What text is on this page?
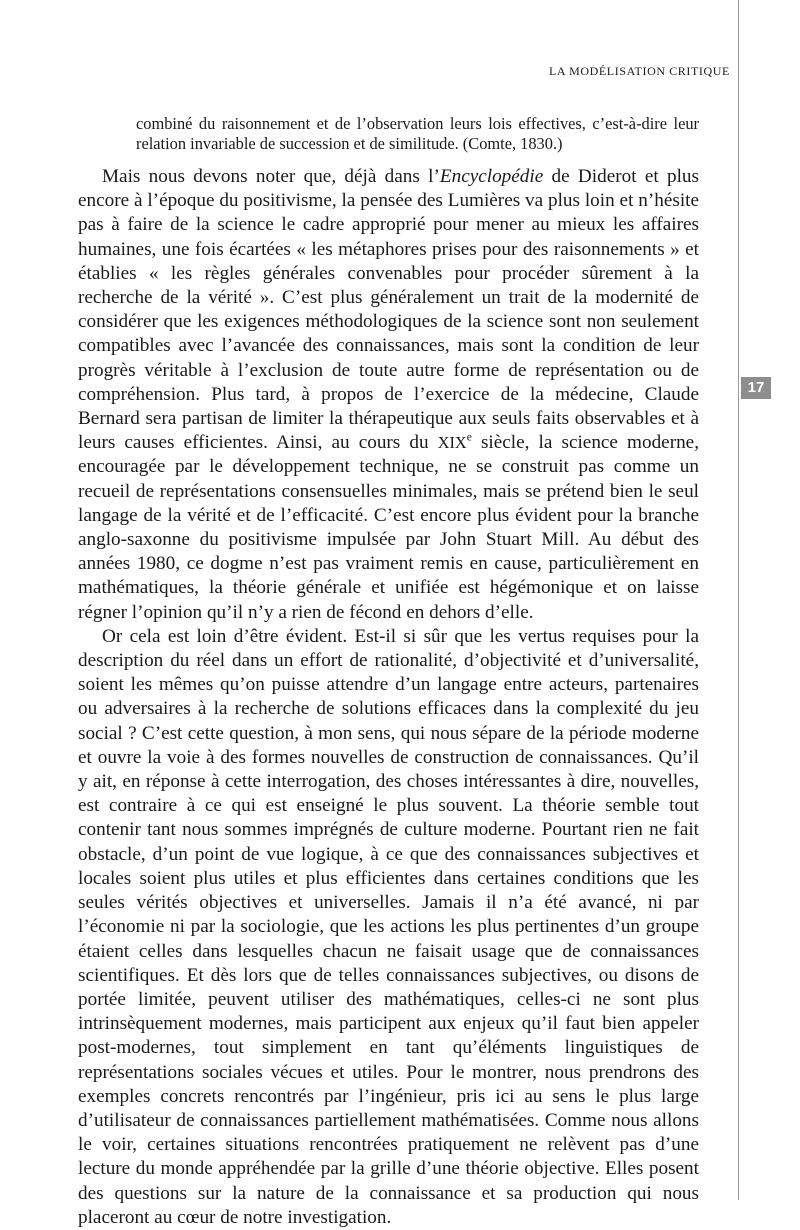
LA MODÉLISATION CRITIQUE
17

combiné du raisonnement et de l’observation leurs lois effectives, c’est-à-dire leur relation invariable de succession et de similitude. (Comte, 1830.)

Mais nous devons noter que, déjà dans l’Encyclopédie de Diderot et plus encore à l’époque du positivisme, la pensée des Lumières va plus loin et n’hésite pas à faire de la science le cadre approprié pour mener au mieux les affaires humaines, une fois écartées « les métaphores prises pour des raisonnements » et établies « les règles générales convenables pour procéder sûrement à la recherche de la vérité ». C’est plus généralement un trait de la modernité de considérer que les exigences méthodologiques de la science sont non seulement compatibles avec l’avancée des connaissances, mais sont la condition de leur progrès véritable à l’exclusion de toute autre forme de représentation ou de compréhension. Plus tard, à propos de l’exercice de la médecine, Claude Bernard sera partisan de limiter la thérapeutique aux seuls faits observables et à leurs causes efficientes. Ainsi, au cours du XIXe siècle, la science moderne, encouragée par le développement technique, ne se construit pas comme un recueil de représentations consensuelles minimales, mais se prétend bien le seul langage de la vérité et de l’efficacité. C’est encore plus évident pour la branche anglo-saxonne du positivisme impulsée par John Stuart Mill. Au début des années 1980, ce dogme n’est pas vraiment remis en cause, particulièrement en mathématiques, la théorie générale et unifiée est hégémonique et on laisse régner l’opinion qu’il n’y a rien de fécond en dehors d’elle.

Or cela est loin d’être évident. Est-il si sûr que les vertus requises pour la description du réel dans un effort de rationalité, d’objectivité et d’universalité, soient les mêmes qu’on puisse attendre d’un langage entre acteurs, partenaires ou adversaires à la recherche de solutions efficaces dans la complexité du jeu social ? C’est cette question, à mon sens, qui nous sépare de la période moderne et ouvre la voie à des formes nouvelles de construction de connaissances. Qu’il y ait, en réponse à cette interrogation, des choses intéressantes à dire, nouvelles, est contraire à ce qui est enseigné le plus souvent. La théorie semble tout contenir tant nous sommes imprégnés de culture moderne. Pourtant rien ne fait obstacle, d’un point de vue logique, à ce que des connaissances subjectives et locales soient plus utiles et plus efficientes dans certaines conditions que les seules vérités objectives et universelles. Jamais il n’a été avancé, ni par l’économie ni par la sociologie, que les actions les plus pertinentes d’un groupe étaient celles dans lesquelles chacun ne faisait usage que de connaissances scientifiques. Et dès lors que de telles connaissances subjectives, ou disons de portée limitée, peuvent utiliser des mathématiques, celles-ci ne sont plus intrinsèquement modernes, mais participent aux enjeux qu’il faut bien appeler post-modernes, tout simplement en tant qu’éléments linguistiques de représentations sociales vécues et utiles. Pour le montrer, nous prendrons des exemples concrets rencontrés par l’ingénieur, pris ici au sens le plus large d’utilisateur de connaissances partiellement mathématisées. Comme nous allons le voir, certaines situations rencontrées pratiquement ne relèvent pas d’une lecture du monde appréhendée par la grille d’une théorie objective. Elles posent des questions sur la nature de la connaissance et sa production qui nous placeront au cœur de notre investigation.
